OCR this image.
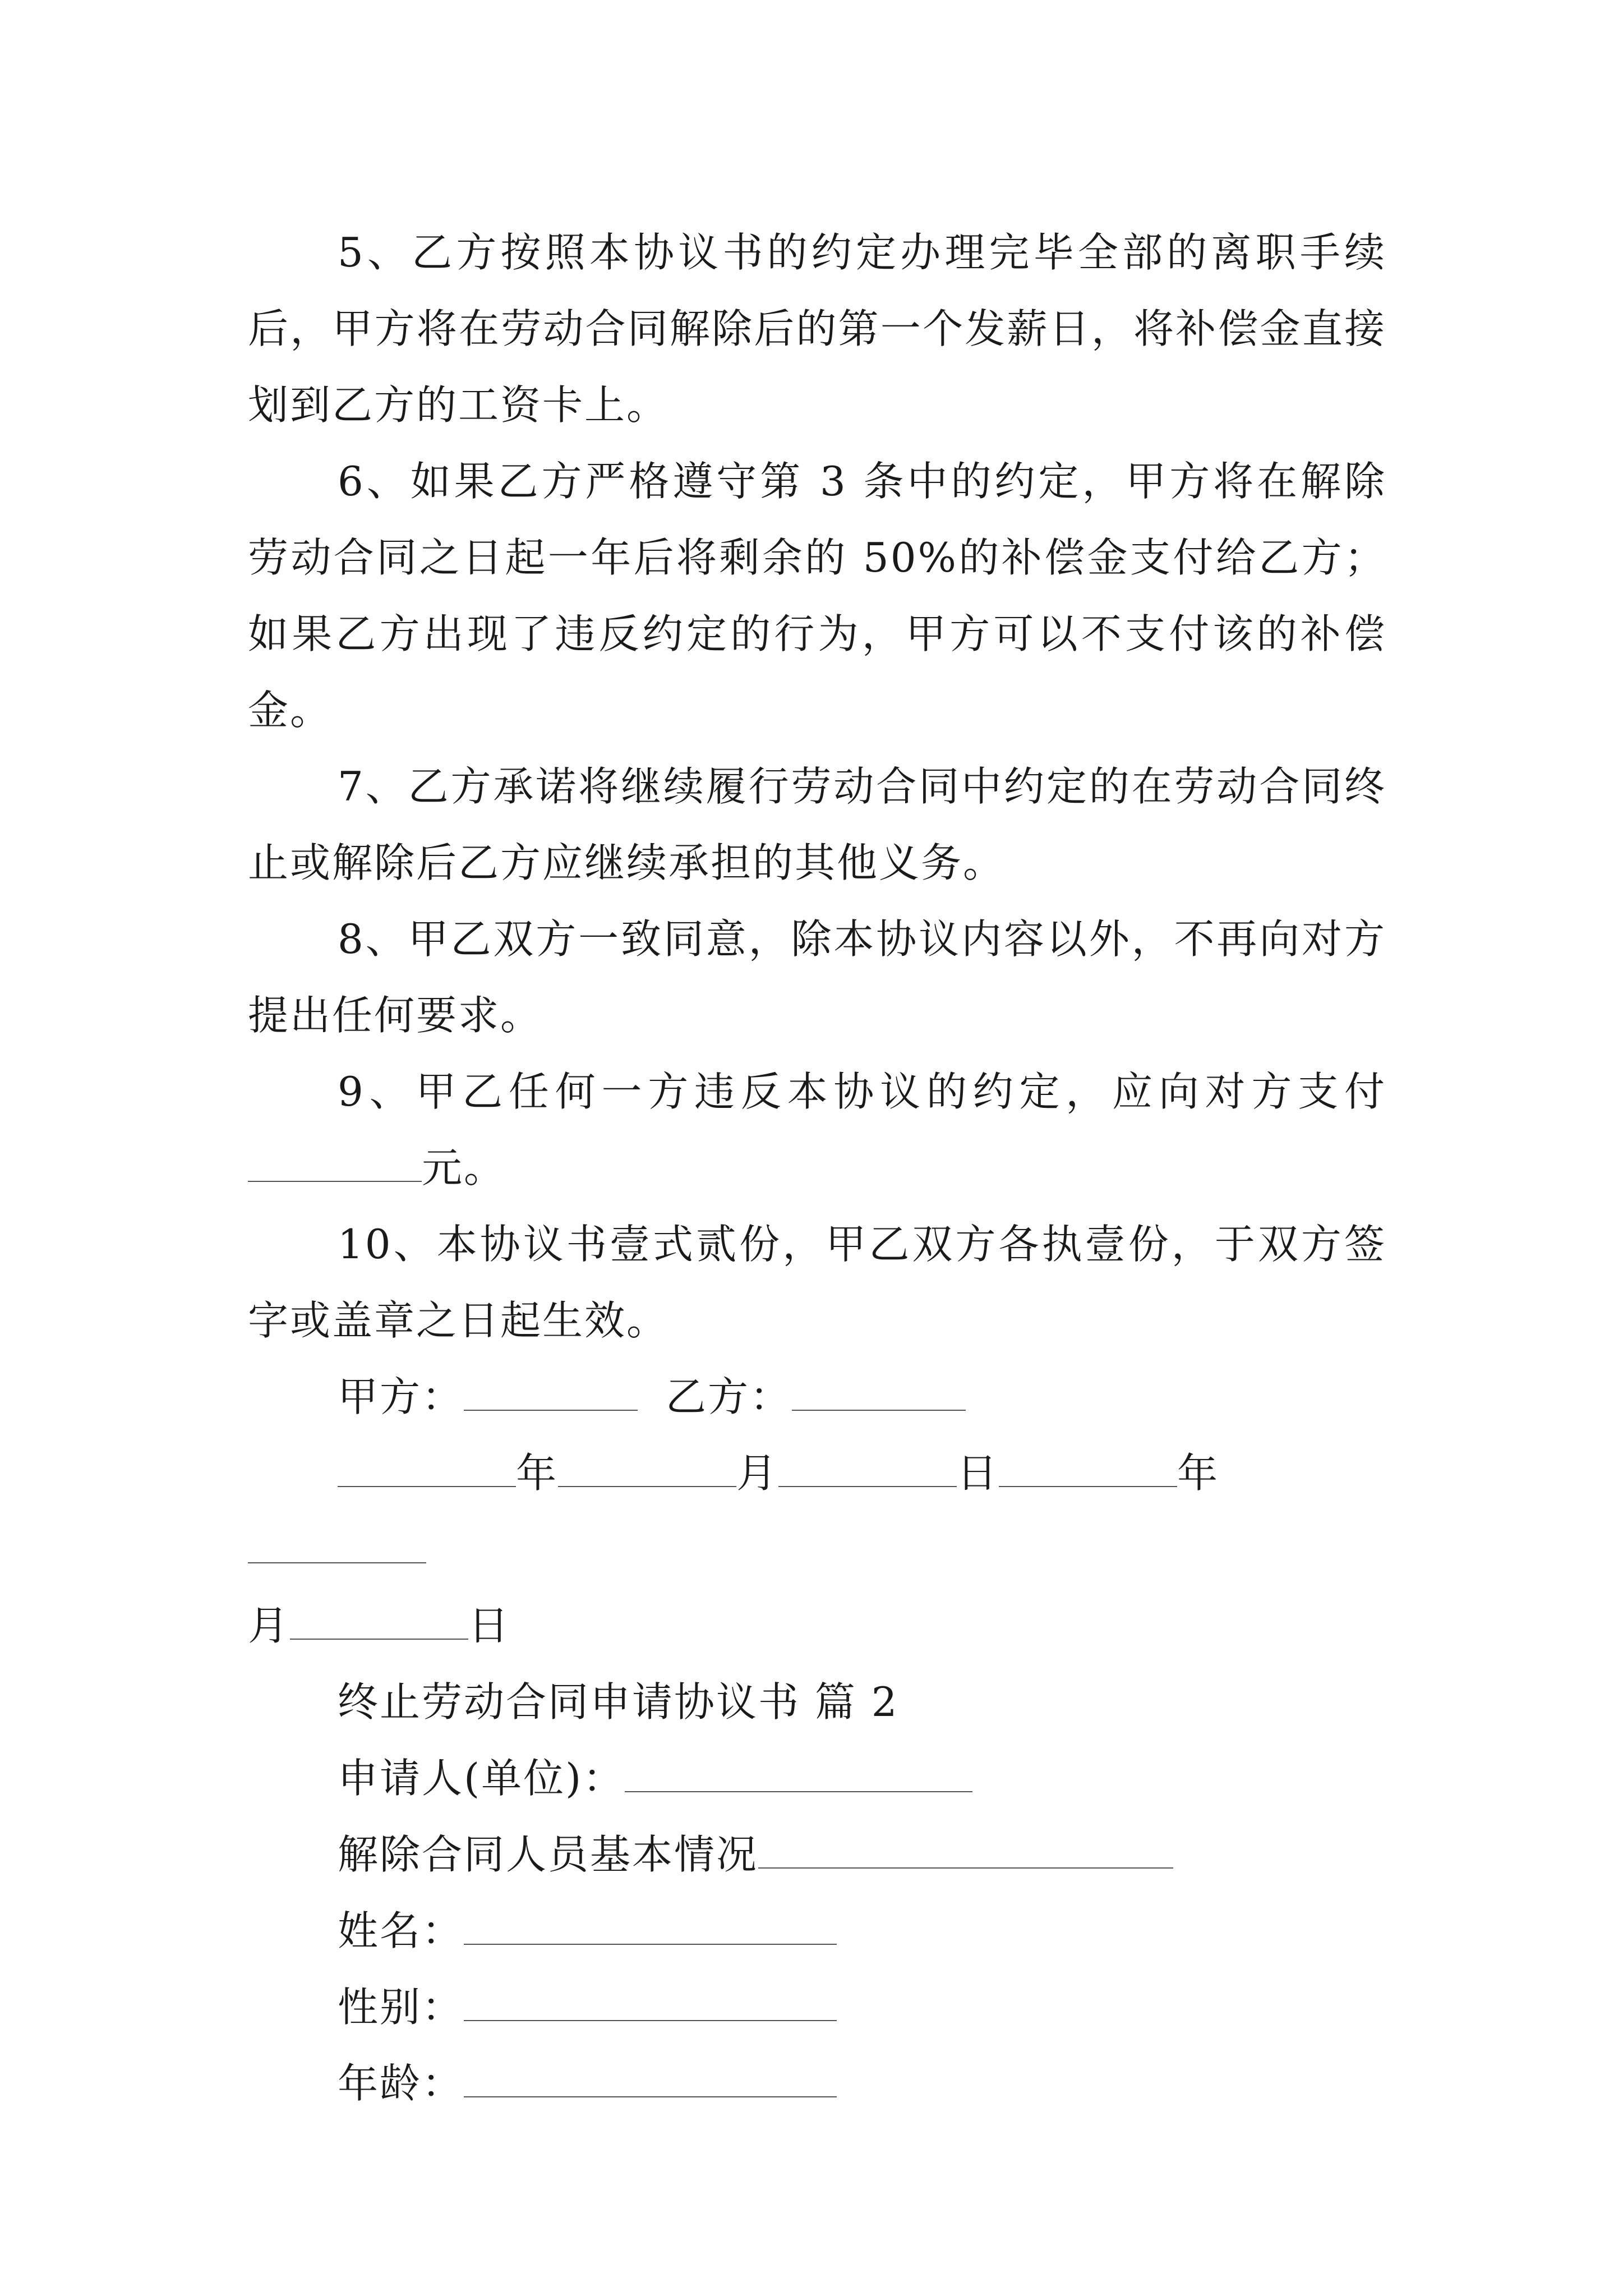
5、乙方按照本协议书的约定办理完毕全部的离职手续后，甲方将在劳动合同解除后的第一个发薪日，将补偿金直接划到乙方的工资卡上。

6、如果乙方严格遵守第 3 条中的约定，甲方将在解除劳动合同之日起一年后将剩余的 50%的补偿金支付给乙方；如果乙方出现了违反约定的行为，甲方可以不支付该的补偿金。

7、乙方承诺将继续履行劳动合同中约定的在劳动合同终止或解除后乙方应继续承担的其他义务。

8、甲乙双方一致同意，除本协议内容以外，不再向对方提出任何要求。

9、甲乙任何一方违反本协议的约定，应向对方支付元。

10、本协议书壹式贰份，甲乙双方各执壹份，于双方签字或盖章之日起生效。

甲方：	乙方：

年	月	日	年

月	日

终止劳动合同申请协议书 篇 2

申请人(单位)：

解除合同人员基本情况

姓名：

性别：

年龄：
